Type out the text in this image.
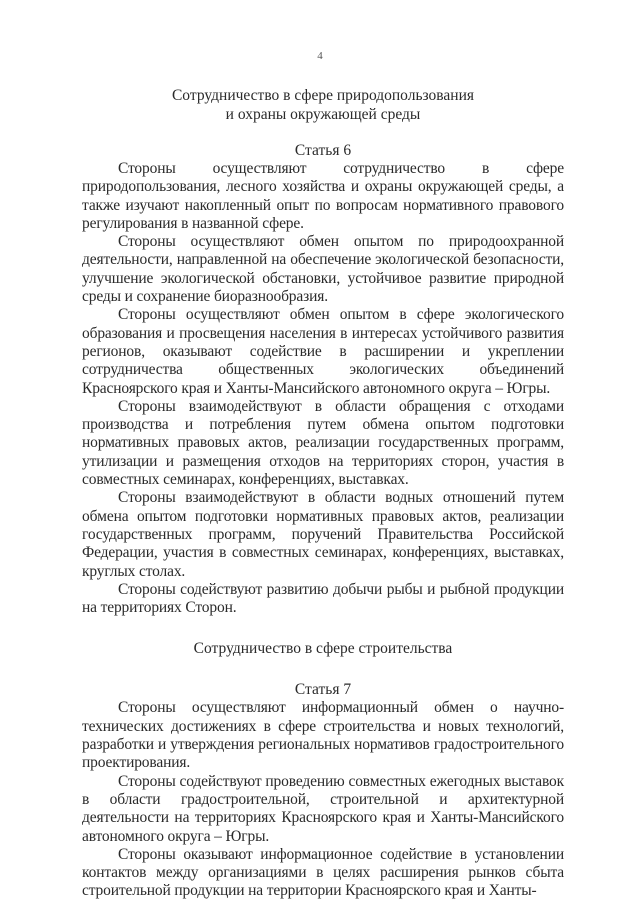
4

Сотрудничество в сфере природопользования

и охраны окружающей среды

Статья 6

Стороны осуществляют сотрудничество в сфере природопользования, лесного хозяйства и охраны окружающей среды, а также изучают накопленный опыт по вопросам нормативного правового регулирования в названной сфере.

Стороны осуществляют обмен опытом по природоохранной деятельности, направленной на обеспечение экологической безопасности, улучшение экологической обстановки, устойчивое развитие природной среды и сохранение биоразнообразия.

Стороны осуществляют обмен опытом в сфере экологического образования и просвещения населения в интересах устойчивого развития регионов, оказывают содействие в расширении и укреплении сотрудничества общественных экологических объединений Красноярского края и Ханты-Мансийского автономного округа – Югры.

Стороны взаимодействуют в области обращения с отходами производства и потребления путем обмена опытом подготовки нормативных правовых актов, реализации государственных программ, утилизации и размещения отходов на территориях сторон, участия в совместных семинарах, конференциях, выставках.

Стороны взаимодействуют в области водных отношений путем обмена опытом подготовки нормативных правовых актов, реализации государственных программ, поручений Правительства Российской Федерации, участия в совместных семинарах, конференциях, выставках, круглых столах.

Стороны содействуют развитию добычи рыбы и рыбной продукции на территориях Сторон.

Сотрудничество в сфере строительства

Статья 7

Стороны осуществляют информационный обмен о научно-технических достижениях в сфере строительства и новых технологий, разработки и утверждения региональных нормативов градостроительного проектирования.

Стороны содействуют проведению совместных ежегодных выставок в области градостроительной, строительной и архитектурной деятельности на территориях Красноярского края и Ханты-Мансийского автономного округа – Югры.

Стороны оказывают информационное содействие в установлении контактов между организациями в целях расширения рынков сбыта строительной продукции на территории Красноярского края и Ханты-
